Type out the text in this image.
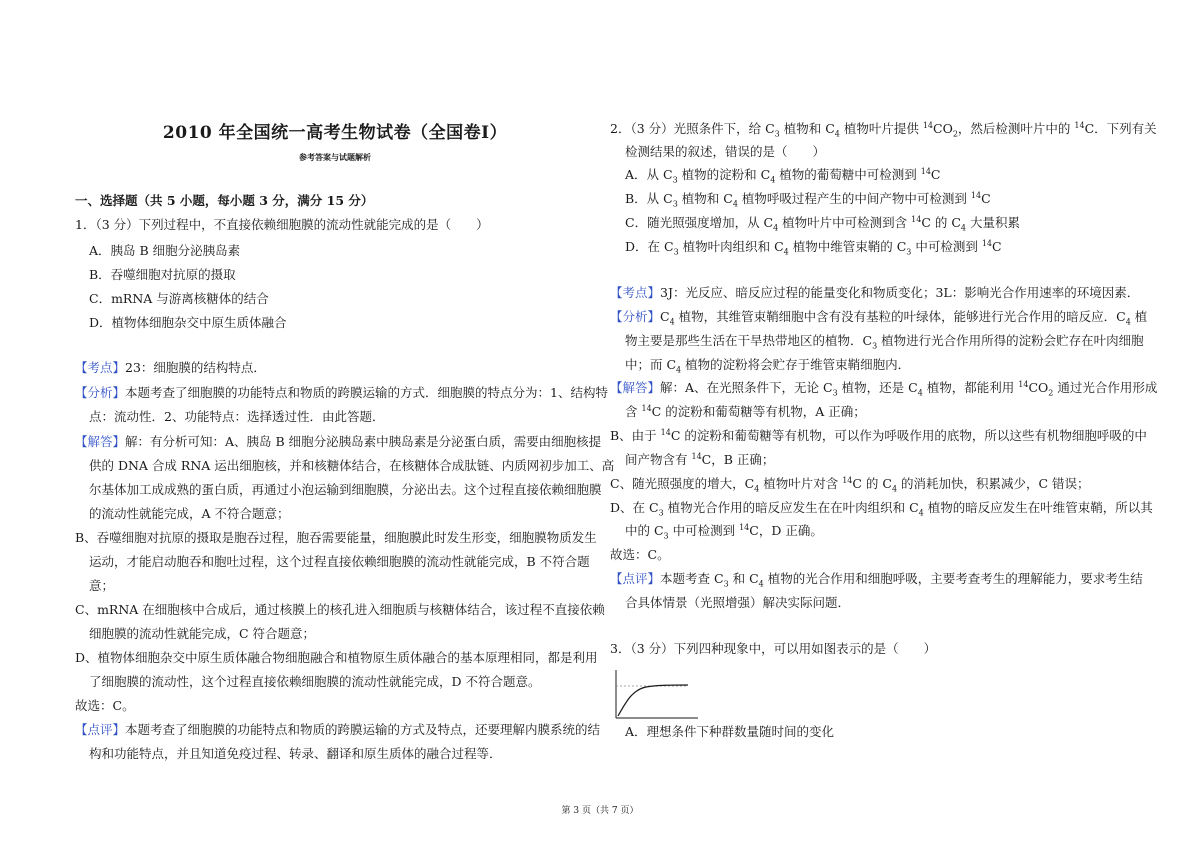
2010 年全国统一高考生物试卷（全国卷Ⅰ）
参考答案与试题解析
一、选择题（共 5 小题，每小题 3 分，满分 15 分）
1．（3 分）下列过程中，不直接依赖细胞膜的流动性就能完成的是（　　）
A．胰岛 B 细胞分泌胰岛素
B．吞噬细胞对抗原的摄取
C．mRNA 与游离核糖体的结合
D．植物体细胞杂交中原生质体融合
【考点】23：细胞膜的结构特点．
【分析】本题考查了细胞膜的功能特点和物质的跨膜运输的方式．细胞膜的特点分为：1、结构特
点：流动性．2、功能特点：选择透过性．由此答题．
【解答】解：有分析可知：A、胰岛 B 细胞分泌胰岛素中胰岛素是分泌蛋白质，需要由细胞核提
供的 DNA 合成 RNA 运出细胞核，并和核糖体结合，在核糖体合成肽链、内质网初步加工、高
尔基体加工成成熟的蛋白质，再通过小泡运输到细胞膜，分泌出去。这个过程直接依赖细胞膜
的流动性就能完成，A 不符合题意；
B、吞噬细胞对抗原的摄取是胞吞过程，胞吞需要能量，细胞膜此时发生形变，细胞膜物质发生
运动，才能启动胞吞和胞吐过程，这个过程直接依赖细胞膜的流动性就能完成，B 不符合题
意；
C、mRNA 在细胞核中合成后，通过核膜上的核孔进入细胞质与核糖体结合，该过程不直接依赖
细胞膜的流动性就能完成，C 符合题意；
D、植物体细胞杂交中原生质体融合物细胞融合和植物原生质体融合的基本原理相同，都是利用
了细胞膜的流动性，这个过程直接依赖细胞膜的流动性就能完成，D 不符合题意。
故选：C。
【点评】本题考查了细胞膜的功能特点和物质的跨膜运输的方式及特点，还要理解内膜系统的结
构和功能特点，并且知道免疫过程、转录、翻译和原生质体的融合过程等．
2．（3 分）光照条件下，给 $C_3$ 植物和 $C_4$ 植物叶片提供 $^{14}CO_2$，然后检测叶片中的 $^{14}$C．下列有关
检测结果的叙述，错误的是（　　）
A．从 $C_3$ 植物的淀粉和 $C_4$ 植物的葡萄糖中可检测到 $^{14}$C
B．从 $C_3$ 植物和 $C_4$ 植物呼吸过程产生的中间产物中可检测到 $^{14}$C
C．随光照强度增加，从 $C_4$ 植物叶片中可检测到含 $^{14}$C 的 $C_4$ 大量积累
D．在 $C_3$ 植物叶肉组织和 $C_4$ 植物中维管束鞘的 $C_3$ 中可检测到 $^{14}$C
【考点】3J：光反应、暗反应过程的能量变化和物质变化；3L：影响光合作用速率的环境因素．
【分析】$C_4$ 植物，其维管束鞘细胞中含有没有基粒的叶绿体，能够进行光合作用的暗反应．$C_4$ 植
物主要是那些生活在干旱热带地区的植物．$C_3$ 植物进行光合作用所得的淀粉会贮存在叶肉细胞
中；而 $C_4$ 植物的淀粉将会贮存于维管束鞘细胞内．
【解答】解：A、在光照条件下，无论 $C_3$ 植物，还是 $C_4$ 植物，都能利用 $^{14}CO_2$ 通过光合作用形成
含 $^{14}$C 的淀粉和葡萄糖等有机物，A 正确；
B、由于 $^{14}$C 的淀粉和葡萄糖等有机物，可以作为呼吸作用的底物，所以这些有机物细胞呼吸的中
间产物含有 $^{14}$C，B 正确；
C、随光照强度的增大，$C_4$ 植物叶片对含 $^{14}$C 的 $C_4$ 的消耗加快，积累减少，C 错误；
D、在 $C_3$ 植物光合作用的暗反应发生在在叶肉组织和 $C_4$ 植物的暗反应发生在叶维管束鞘，所以其
中的 $C_3$ 中可检测到 $^{14}$C，D 正确。
故选：C。
【点评】本题考查 $C_3$ 和 $C_4$ 植物的光合作用和细胞呼吸，主要考查考生的理解能力，要求考生结
合具体情景（光照增强）解决实际问题．
3．（3 分）下列四种现象中，可以用如图表示的是（　　）
A．理想条件下种群数量随时间的变化
第 3 页（共 7 页）
